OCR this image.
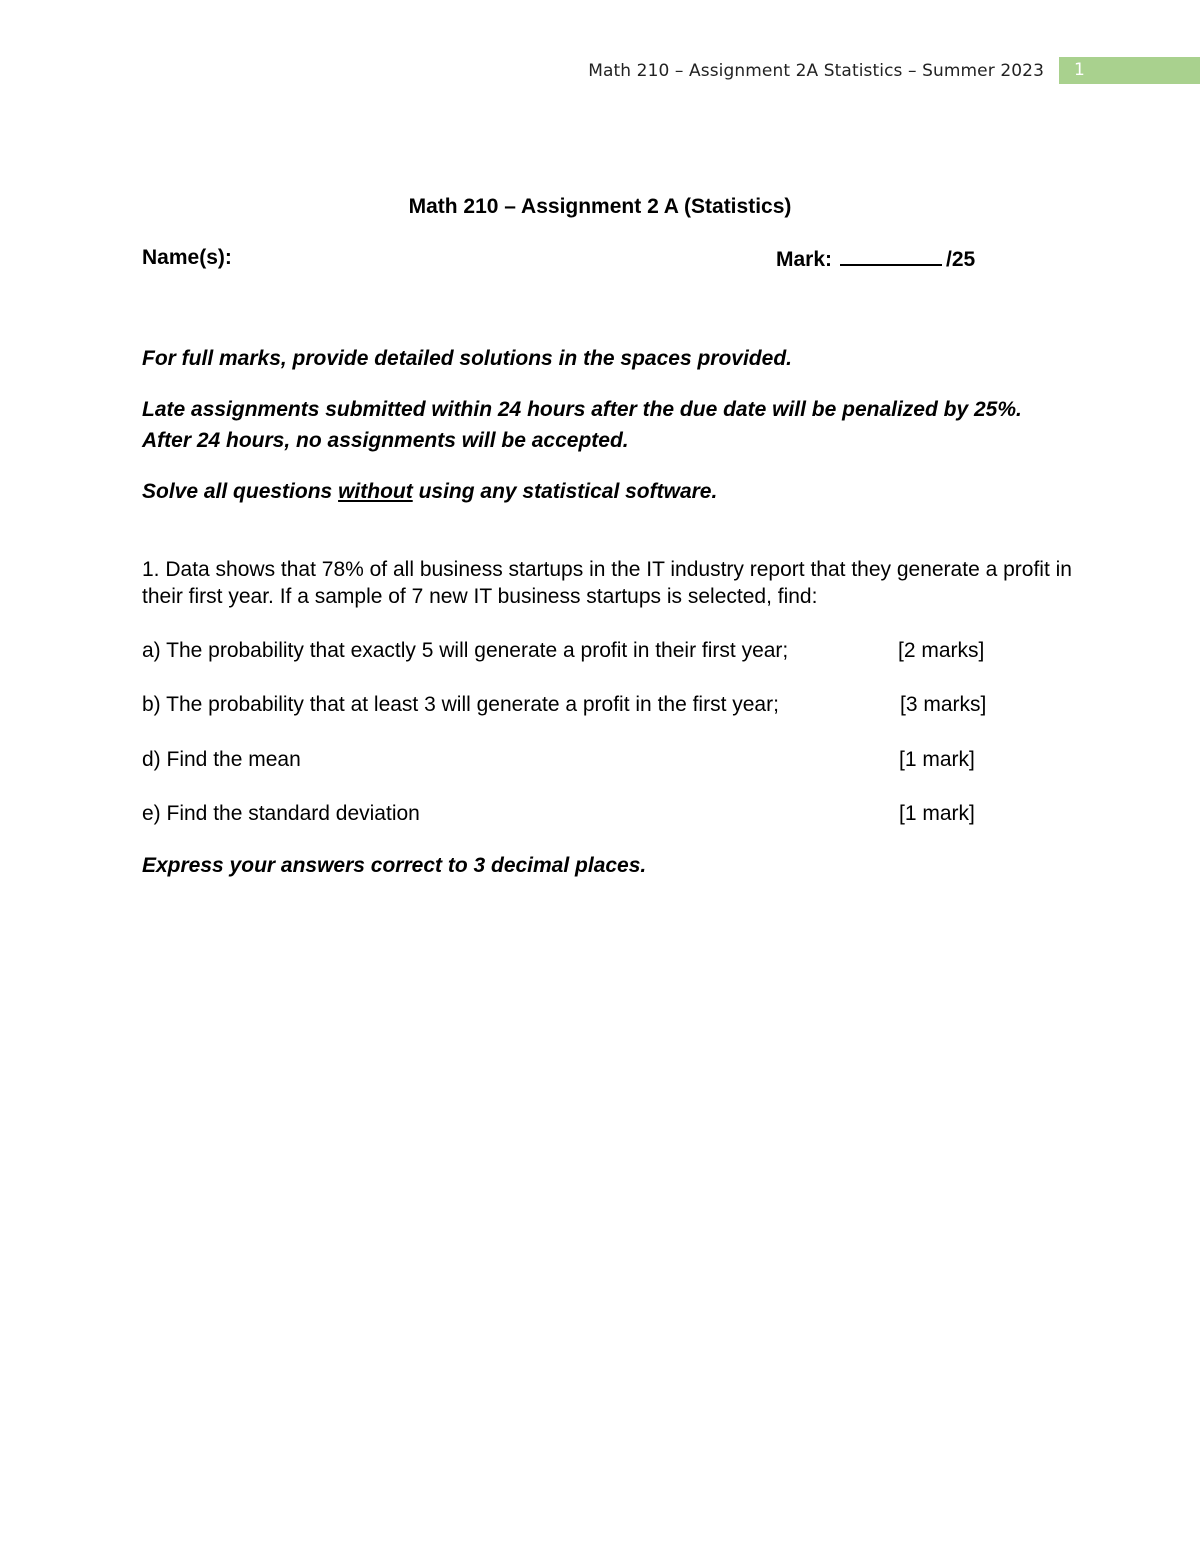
Math 210 – Assignment 2A Statistics – Summer 2023	1
Math 210 – Assignment 2 A (Statistics)
Name(s):	Mark:	/25
For full marks, provide detailed solutions in the spaces provided.
Late assignments submitted within 24 hours after the due date will be penalized by 25%. After 24 hours, no assignments will be accepted.
Solve all questions without using any statistical software.
1. Data shows that 78% of all business startups in the IT industry report that they generate a profit in their first year. If a sample of 7 new IT business startups is selected, find:
a) The probability that exactly 5 will generate a profit in their first year;	[2 marks]
b) The probability that at least 3 will generate a profit in the first year;	[3 marks]
d) Find the mean	[1 mark]
e) Find the standard deviation	[1 mark]
Express your answers correct to 3 decimal places.
